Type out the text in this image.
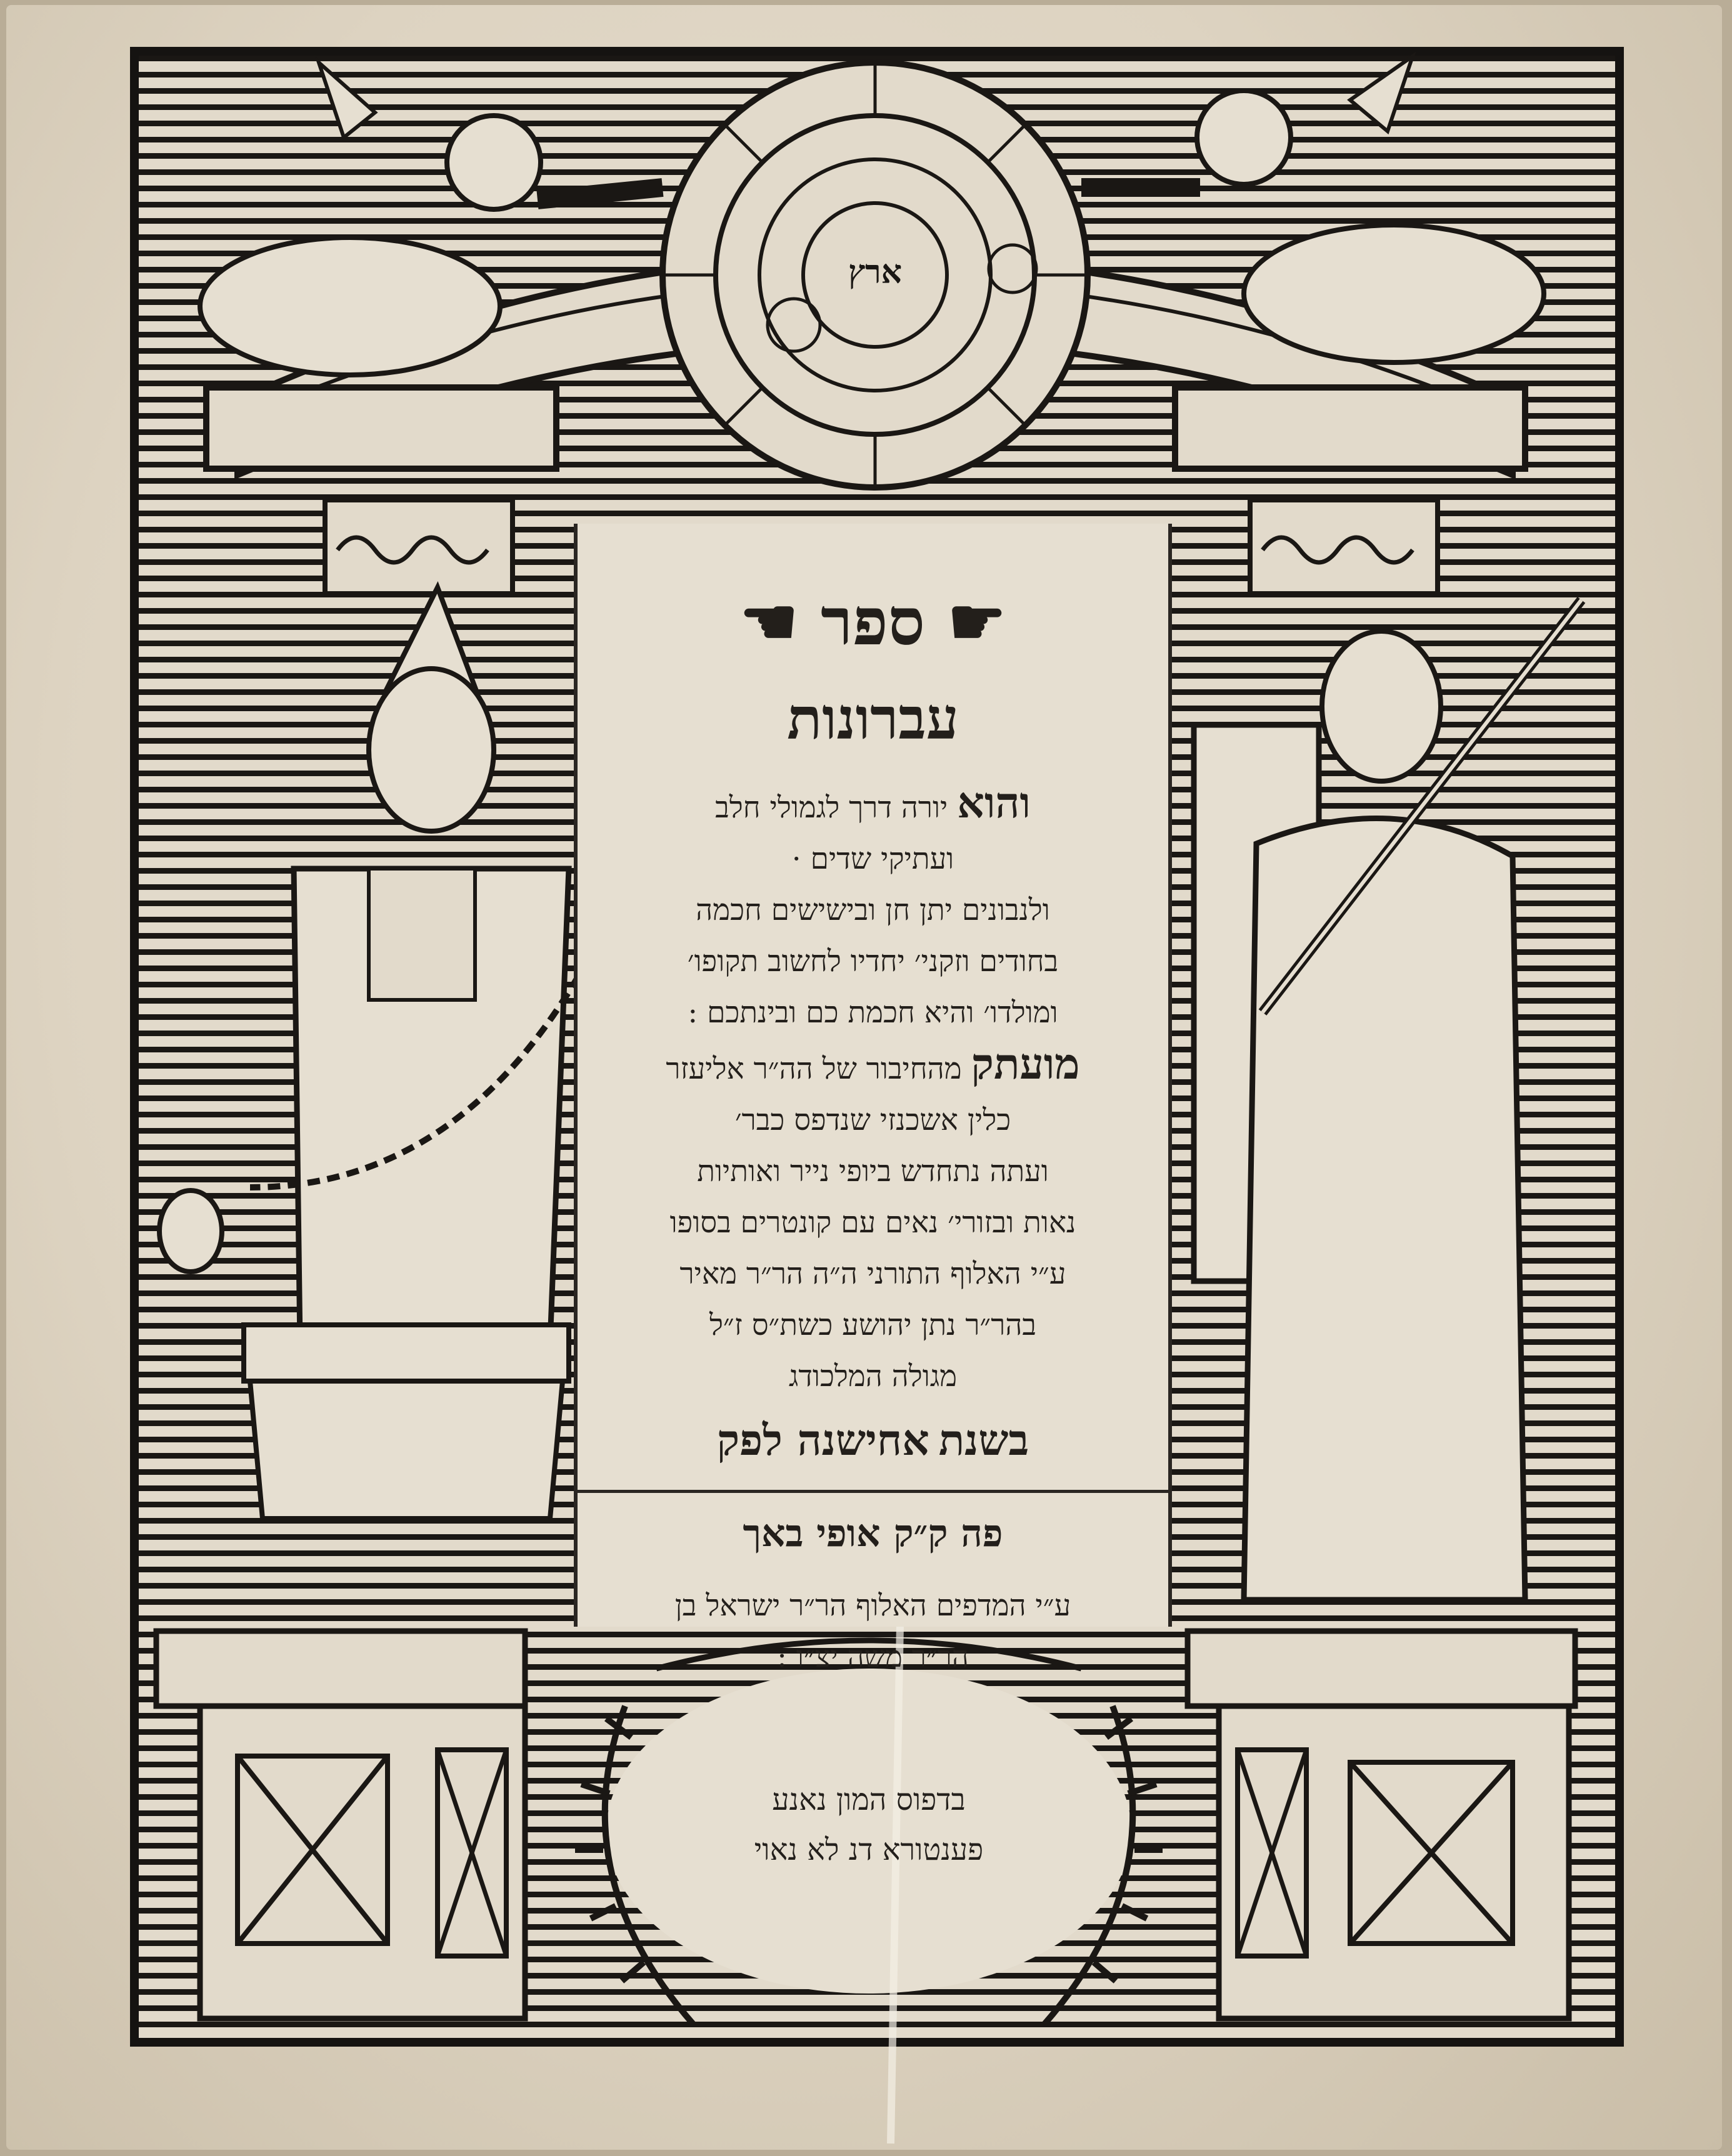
☛ ספר ☚
עברונות
והוא יורה דרך לגמולי חלב
ועתיקי שדים ·
ולנבונים יתן חן ובישישים חכמה
בחודים וזקני׳ יחדיו לחשוב תקופו׳
ומולדו׳ והיא חכמת כם ובינתכם :
מועתק מהחיבור של הה״ר אליעזר
כלין אשכנזי שנדפס כבר׳
ועתה נתחדש ביופי נייר ואותיות
נאות ובזורי׳ נאים עם קונטרים בסופו
ע״י האלוף התורני ה״ה הר״ר מאיר
בהר״ר נתן יהושע כשת״ס ז״ל
מגולה המלכודג
בשנת אחישנה לפק
פה ק״ק אופי באך
ע״י המדפים האלוף הר״ר ישראל בן
הר״ר משה יצ״ו :
בדפוס המון נאנע
פענטורא דנ לא נאוי
ארץ
